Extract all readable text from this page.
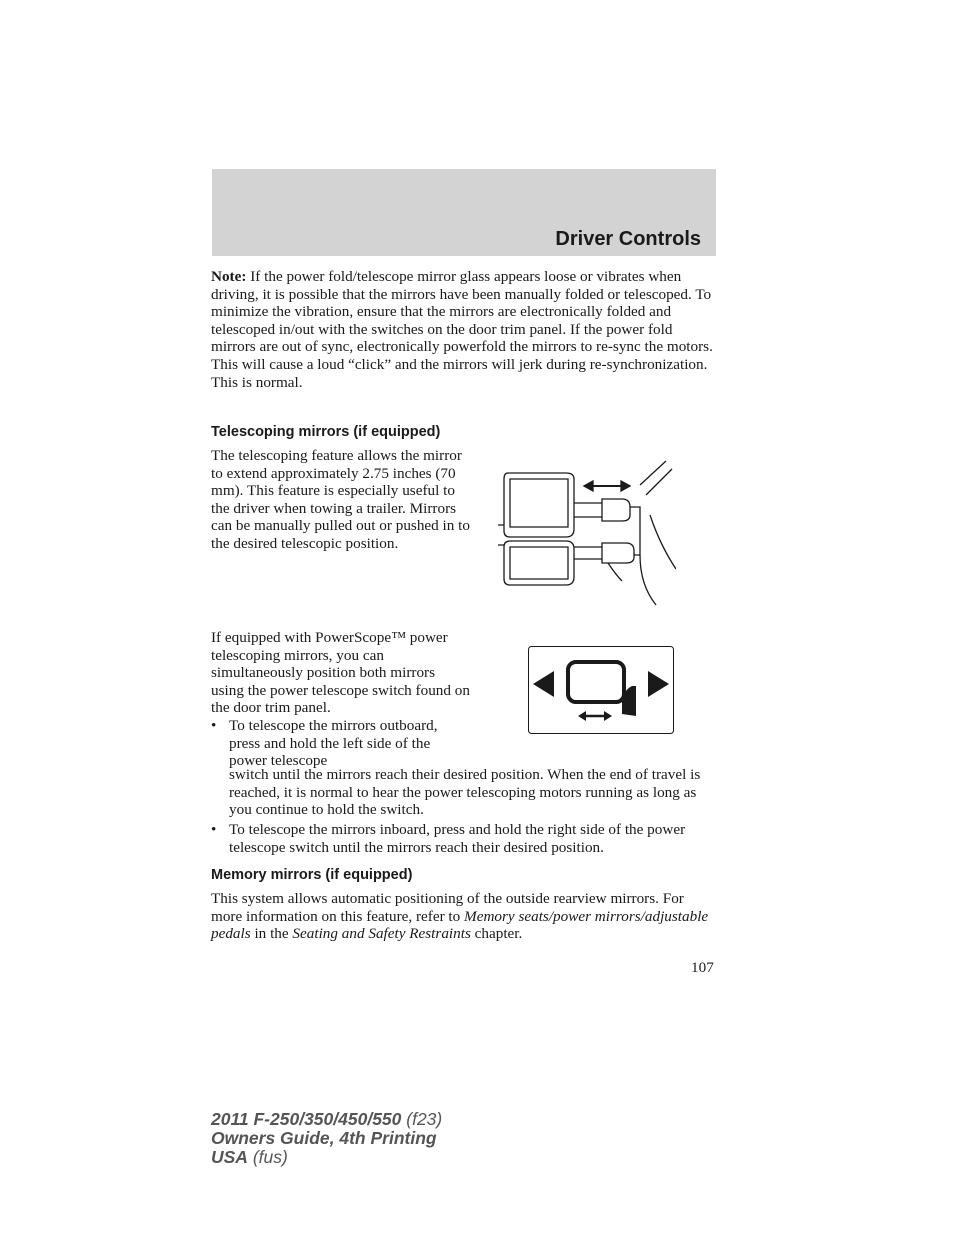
Driver Controls
Note: If the power fold/telescope mirror glass appears loose or vibrates when driving, it is possible that the mirrors have been manually folded or telescoped. To minimize the vibration, ensure that the mirrors are electronically folded and telescoped in/out with the switches on the door trim panel. If the power fold mirrors are out of sync, electronically powerfold the mirrors to re-sync the motors. This will cause a loud “click” and the mirrors will jerk during re-synchronization. This is normal.
Telescoping mirrors (if equipped)
The telescoping feature allows the mirror to extend approximately 2.75 inches (70 mm). This feature is especially useful to the driver when towing a trailer. Mirrors can be manually pulled out or pushed in to the desired telescopic position.
If equipped with PowerScope™ power telescoping mirrors, you can simultaneously position both mirrors using the power telescope switch found on the door trim panel.
• To telescope the mirrors outboard, press and hold the left side of the power telescope
switch until the mirrors reach their desired position. When the end of travel is reached, it is normal to hear the power telescoping motors running as long as you continue to hold the switch.
• To telescope the mirrors inboard, press and hold the right side of the power telescope switch until the mirrors reach their desired position.
Memory mirrors (if equipped)
This system allows automatic positioning of the outside rearview mirrors. For more information on this feature, refer to Memory seats/power mirrors/adjustable pedals in the Seating and Safety Restraints chapter.
107
2011 F-250/350/450/550 (f23)
Owners Guide, 4th Printing
USA (fus)
